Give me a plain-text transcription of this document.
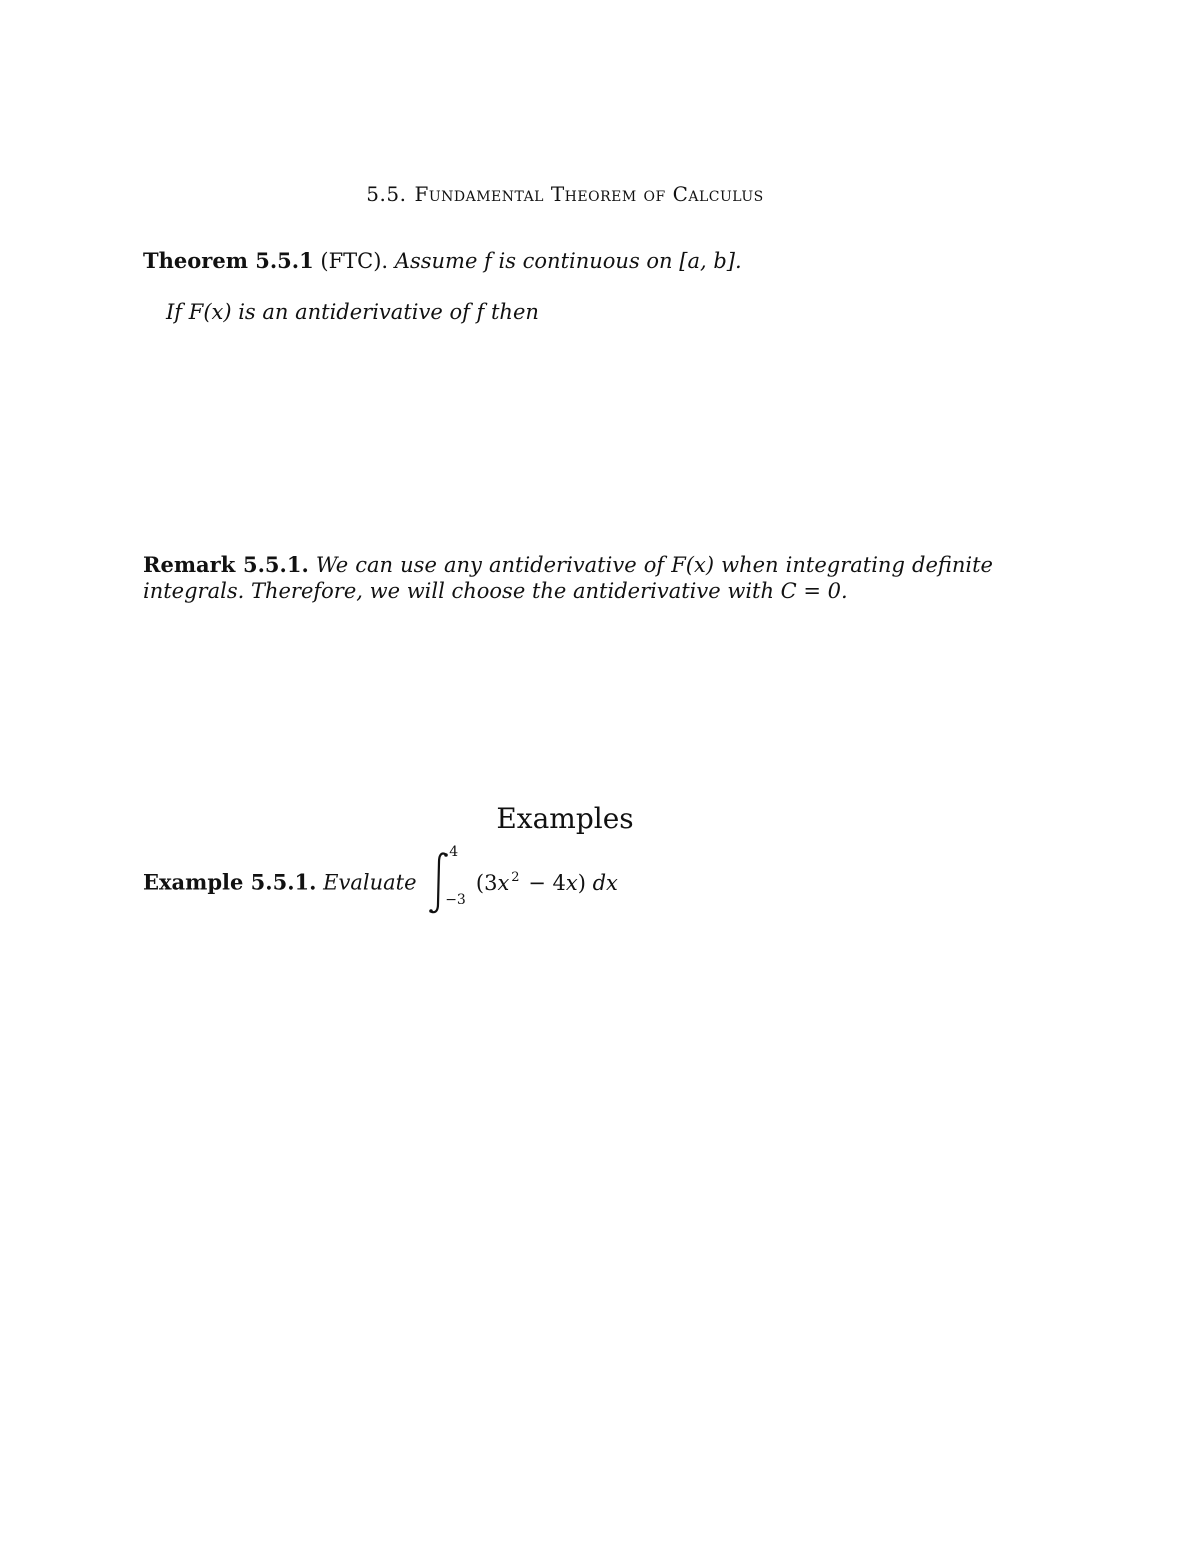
5.5. Fundamental Theorem of Calculus
Theorem 5.5.1 (FTC). Assume f is continuous on [a, b].
If F(x) is an antiderivative of f then
Remark 5.5.1. We can use any antiderivative of F(x) when integrating definite
integrals. Therefore, we will choose the antiderivative with C = 0.
Examples
Example 5.5.1. Evaluate
4
−3
(3x $^2$ − 4x) dx
